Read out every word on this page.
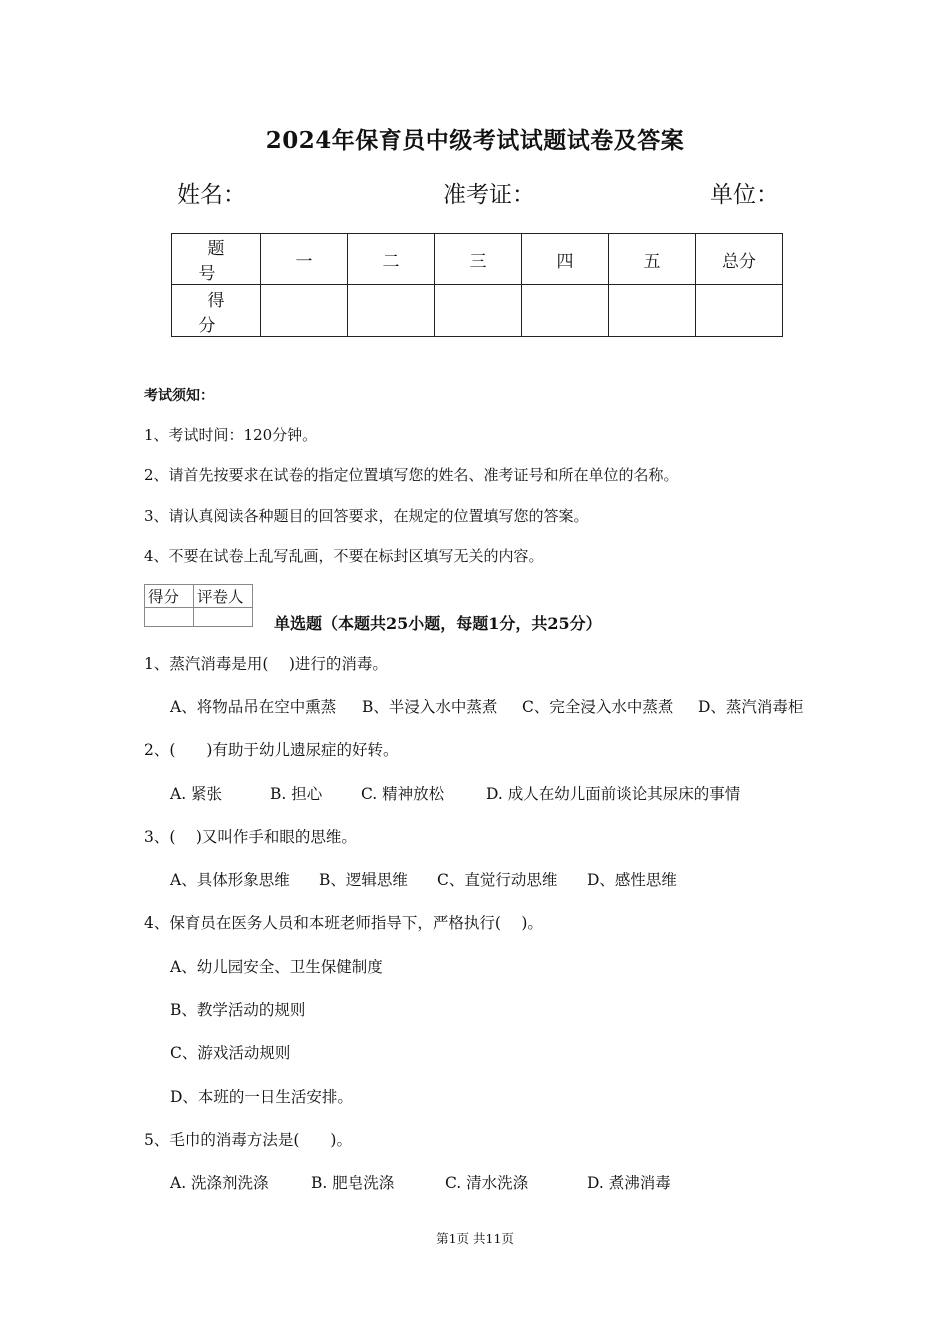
2024年保育员中级考试试题试卷及答案
姓名：	准考证：	单位：
题　号	一	二	三	四	五	总分
得　分						
考试须知：
1、考试时间：120分钟。
2、请首先按要求在试卷的指定位置填写您的姓名、准考证号和所在单位的名称。
3、请认真阅读各种题目的回答要求，在规定的位置填写您的答案。
4、不要在试卷上乱写乱画，不要在标封区填写无关的内容。
得分	评卷人

单选题（本题共25小题，每题1分，共25分）
1、蒸汽消毒是用(　 )进行的消毒。
A、将物品吊在空中熏蒸	B、半浸入水中蒸煮	C、完全浸入水中蒸煮	D、蒸汽消毒柜
2、(　　)有助于幼儿遗尿症的好转。
A. 紧张	B. 担心	C. 精神放松	D. 成人在幼儿面前谈论其尿床的事情
3、(　 )又叫作手和眼的思维。
A、具体形象思维	B、逻辑思维	C、直觉行动思维	D、感性思维
4、保育员在医务人员和本班老师指导下，严格执行(　 )。
A、幼儿园安全、卫生保健制度
B、教学活动的规则
C、游戏活动规则
D、本班的一日生活安排。
5、毛巾的消毒方法是(　　)。
A. 洗涤剂洗涤	B. 肥皂洗涤	C. 清水洗涤	D. 煮沸消毒
第1页 共11页
